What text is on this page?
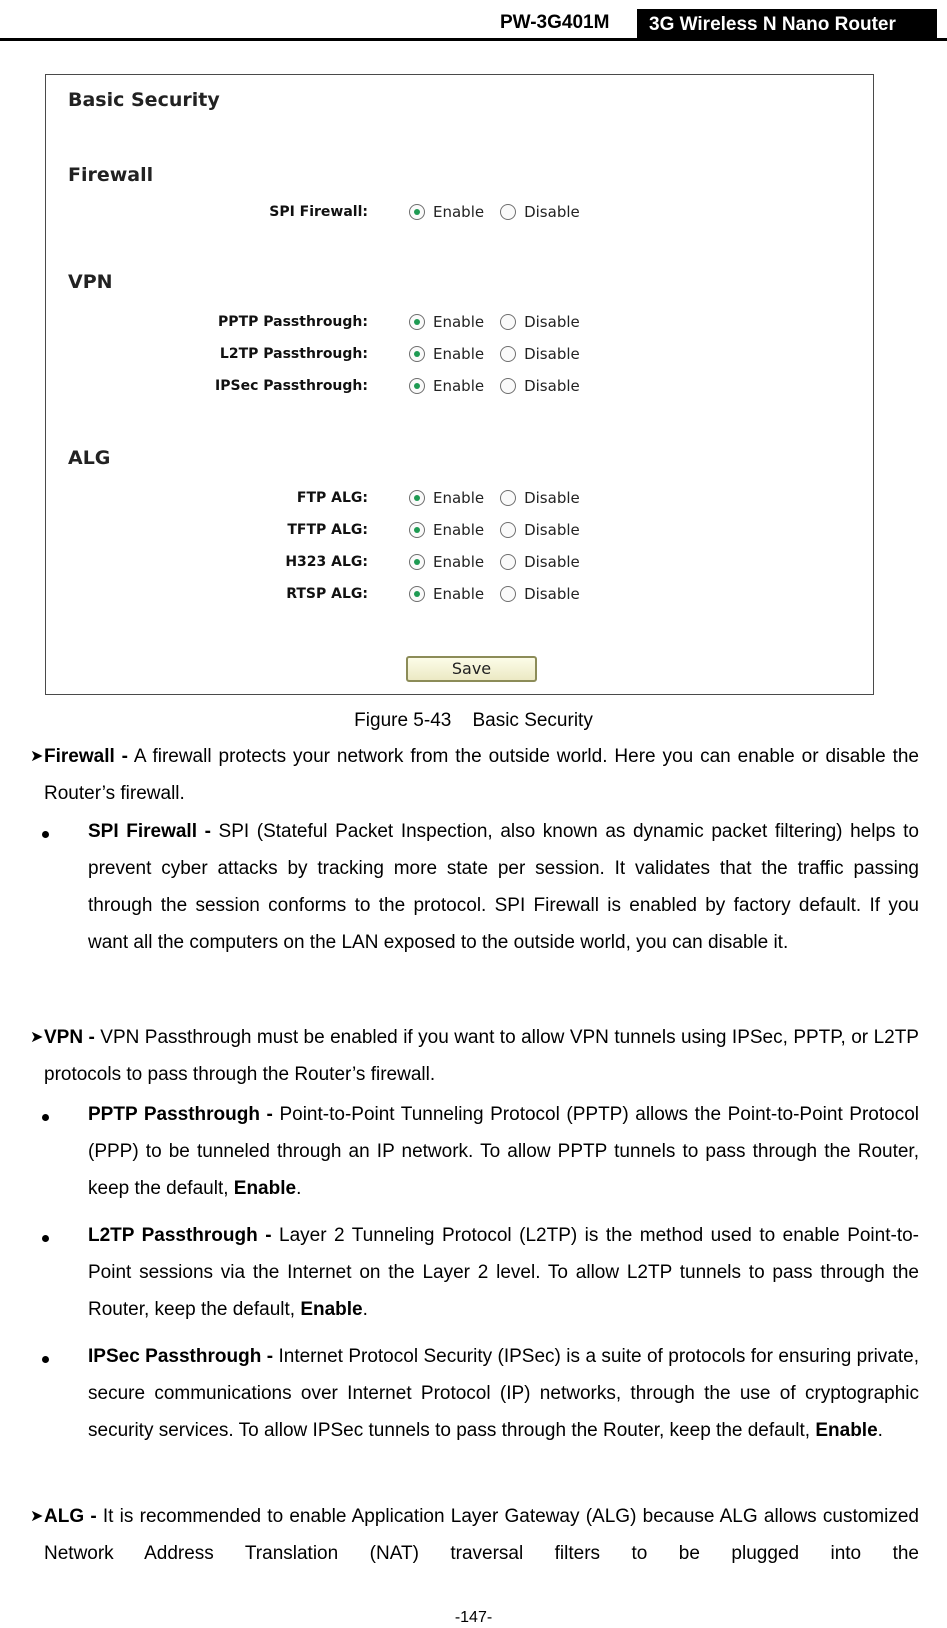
PW-3G401M	3G Wireless N Nano Router
Basic Security
Firewall
SPI Firewall:	Enable	Disable
VPN
PPTP Passthrough:	Enable	Disable
L2TP Passthrough:	Enable	Disable
IPSec Passthrough:	Enable	Disable
ALG
FTP ALG:	Enable	Disable
TFTP ALG:	Enable	Disable
H323 ALG:	Enable	Disable
RTSP ALG:	Enable	Disable
Save
Figure 5-43    Basic Security
➤ Firewall - A firewall protects your network from the outside world. Here you can enable or disable the Router’s firewall.
SPI Firewall - SPI (Stateful Packet Inspection, also known as dynamic packet filtering) helps to prevent cyber attacks by tracking more state per session. It validates that the traffic passing through the session conforms to the protocol. SPI Firewall is enabled by factory default. If you want all the computers on the LAN exposed to the outside world, you can disable it.
➤ VPN - VPN Passthrough must be enabled if you want to allow VPN tunnels using IPSec, PPTP, or L2TP protocols to pass through the Router’s firewall.
PPTP Passthrough - Point-to-Point Tunneling Protocol (PPTP) allows the Point-to-Point Protocol (PPP) to be tunneled through an IP network. To allow PPTP tunnels to pass through the Router, keep the default, Enable.
L2TP Passthrough - Layer 2 Tunneling Protocol (L2TP) is the method used to enable Point-to-Point sessions via the Internet on the Layer 2 level. To allow L2TP tunnels to pass through the Router, keep the default, Enable.
IPSec Passthrough - Internet Protocol Security (IPSec) is a suite of protocols for ensuring private, secure communications over Internet Protocol (IP) networks, through the use of cryptographic security services. To allow IPSec tunnels to pass through the Router, keep the default, Enable.
➤ ALG - It is recommended to enable Application Layer Gateway (ALG) because ALG allows customized Network Address Translation (NAT) traversal filters to be plugged into the
-147-
